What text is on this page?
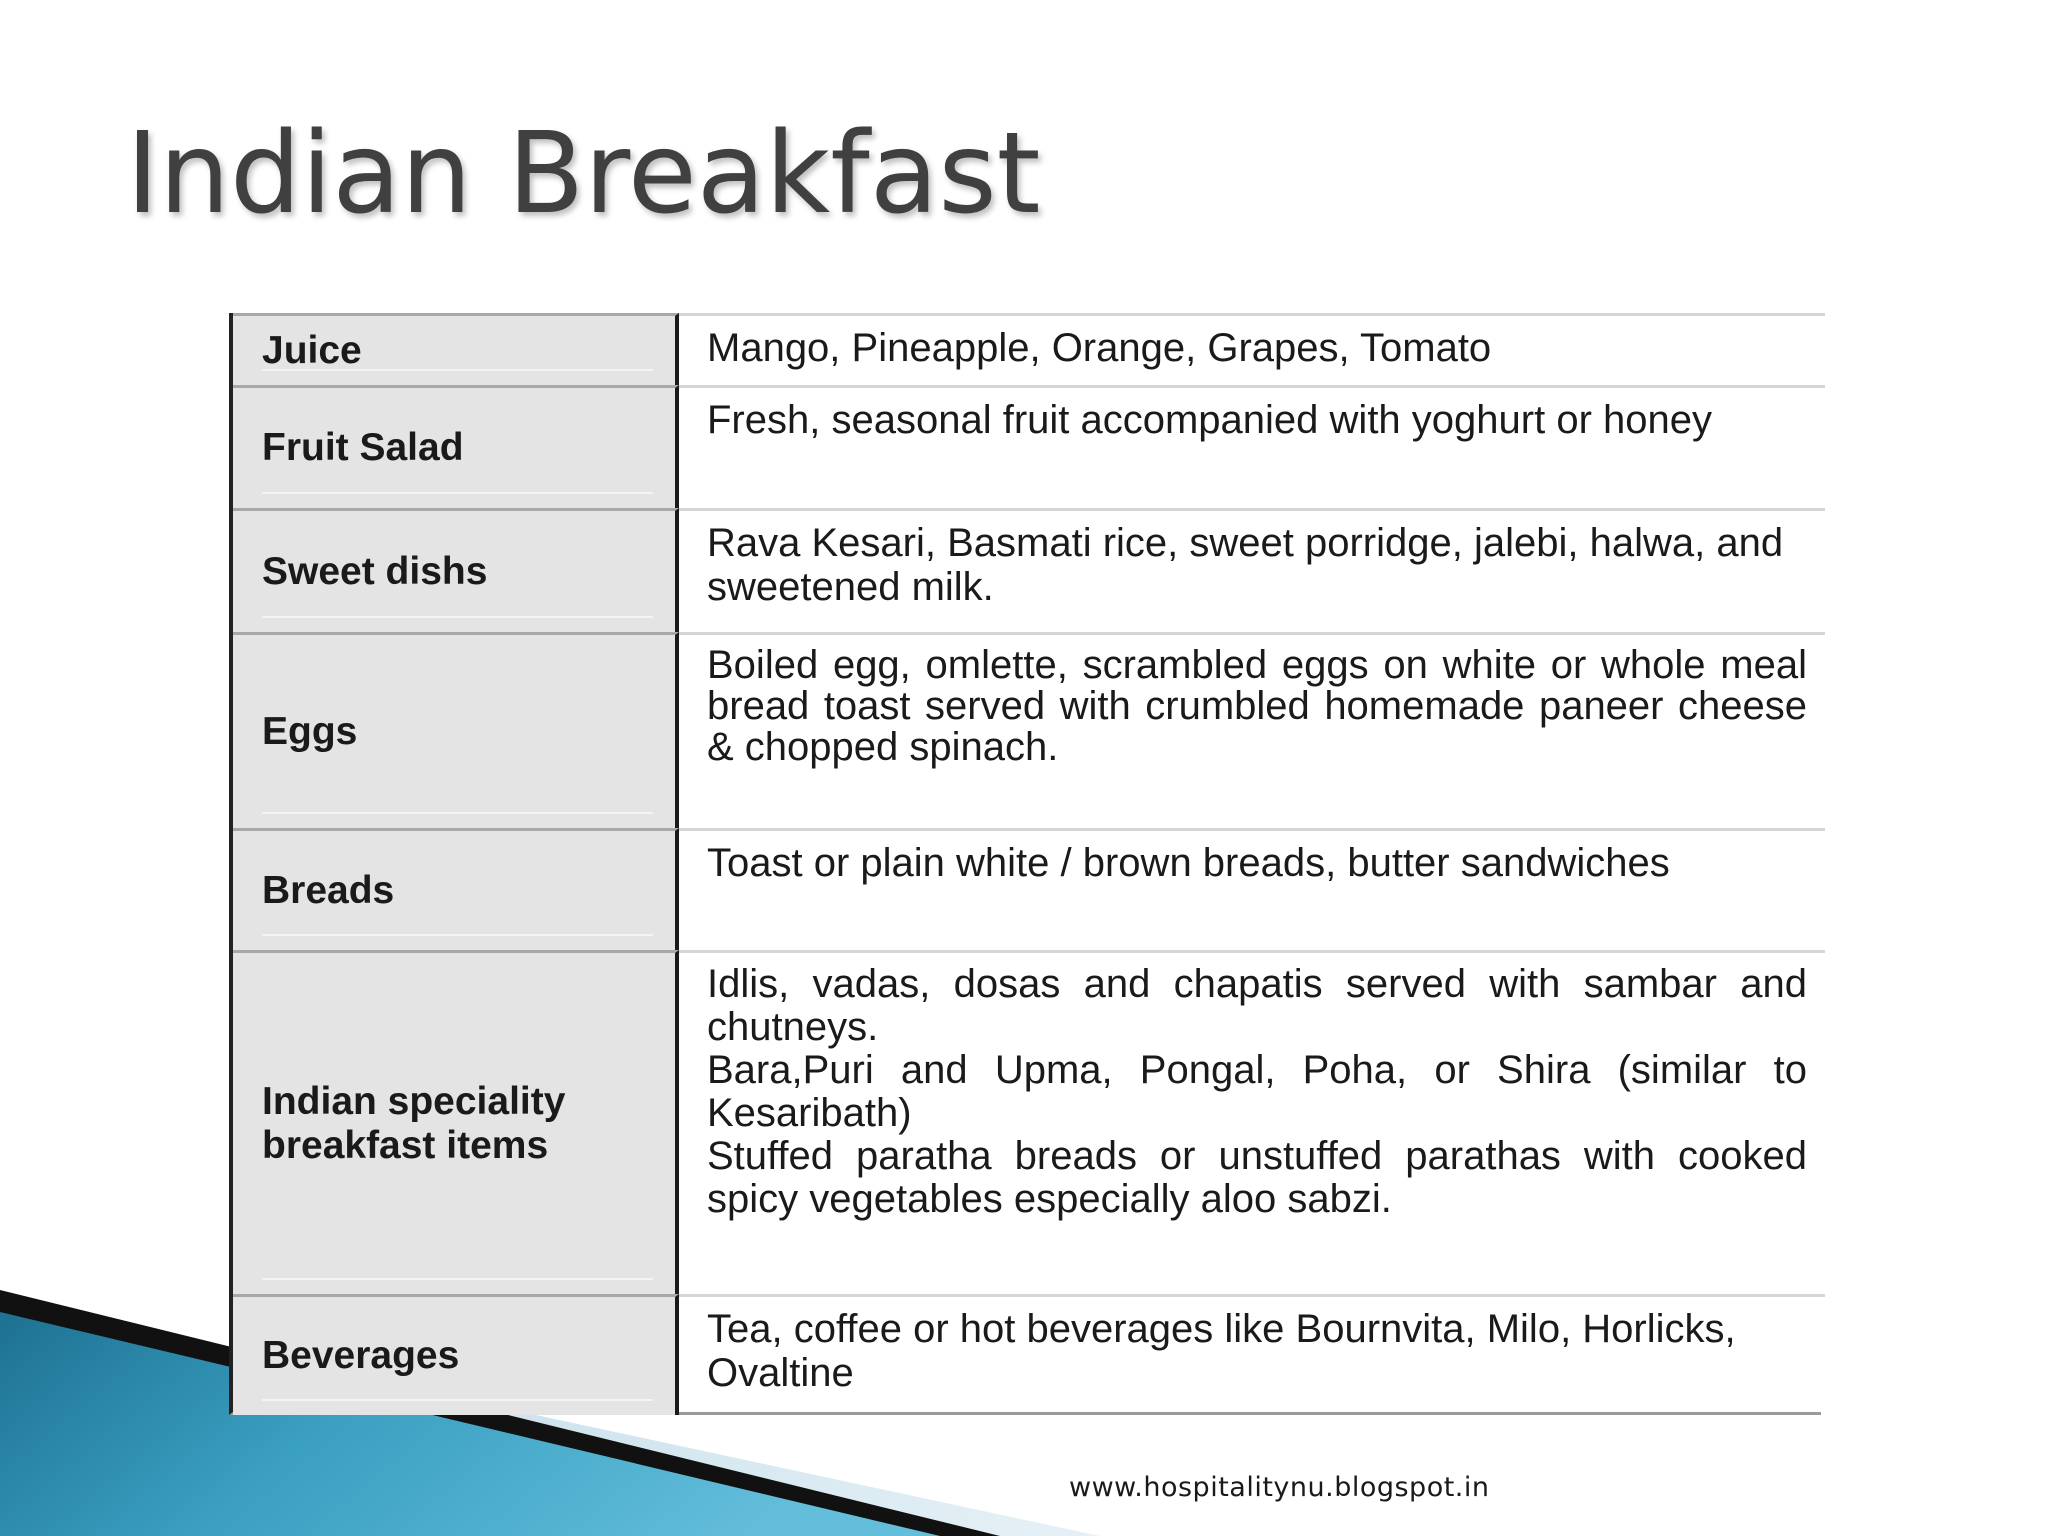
Indian Breakfast
Juice	Mango, Pineapple, Orange, Grapes, Tomato

Fruit Salad

Fresh, seasonal fruit accompanied with yoghurt or honey

Sweet dishs

Rava Kesari, Basmati rice, sweet porridge, jalebi, halwa, and sweetened milk.

Eggs

Boiled egg, omlette, scrambled eggs on white or whole meal bread toast served with crumbled homemade paneer cheese & chopped spinach.

Breads

Toast or plain white / brown breads, butter sandwiches

Indian speciality breakfast items

Idlis, vadas, dosas and chapatis served with sambar and chutneys.

Bara,Puri and Upma, Pongal, Poha, or Shira (similar to Kesaribath)

Stuffed paratha breads or unstuffed parathas with cooked spicy vegetables especially aloo sabzi.

Beverages

Tea, coffee or hot beverages like Bournvita, Milo, Horlicks, Ovaltine

www.hospitalitynu.blogspot.in
